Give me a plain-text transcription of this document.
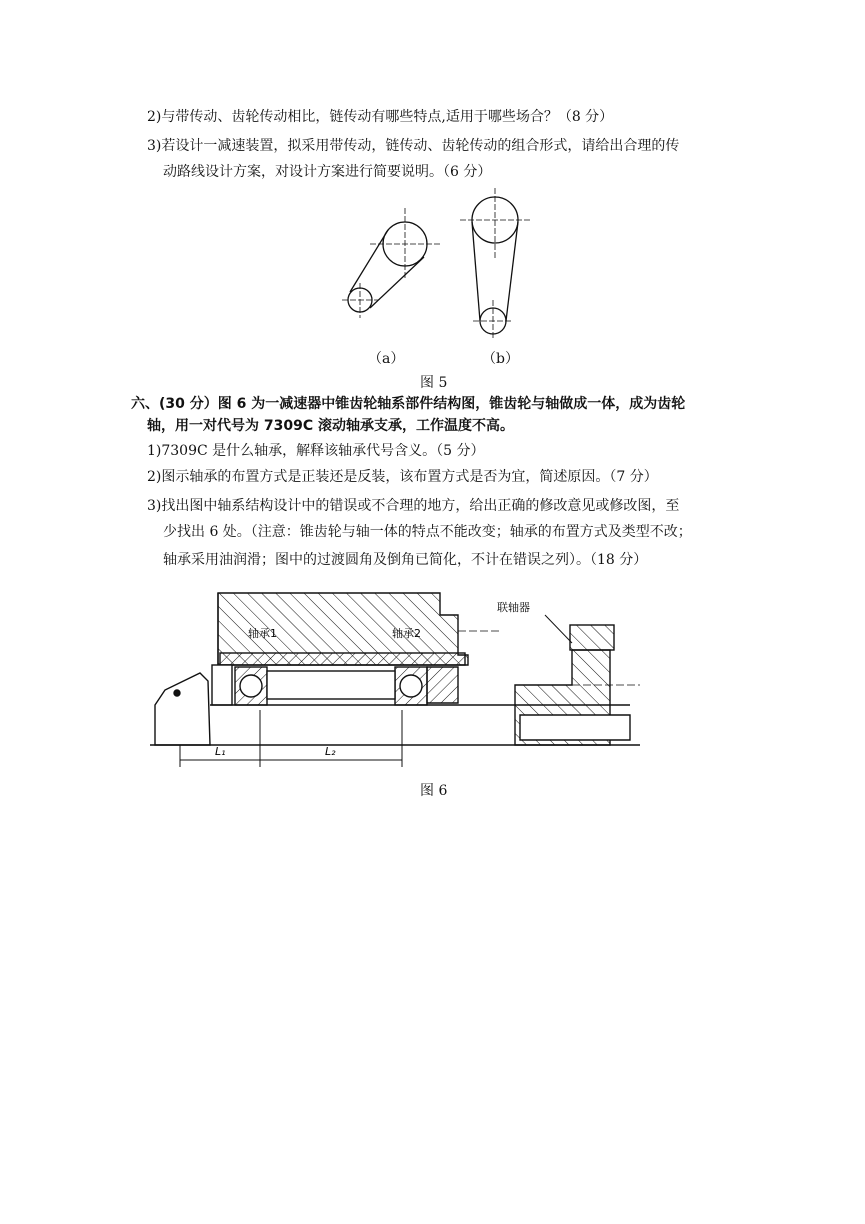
2)与带传动、齿轮传动相比，链传动有哪些特点,适用于哪些场合？（8 分）
3)若设计一减速装置，拟采用带传动，链传动、齿轮传动的组合形式，请给出合理的传
动路线设计方案，对设计方案进行简要说明。（6 分）
（a）	（b）
图 5
六、(30 分）图 6 为一减速器中锥齿轮轴系部件结构图，锥齿轮与轴做成一体，成为齿轮
轴，用一对代号为 7309C 滚动轴承支承，工作温度不高。
1)7309C 是什么轴承，解释该轴承代号含义。（5 分）
2)图示轴承的布置方式是正装还是反装，该布置方式是否为宜，简述原因。（7 分）
3)找出图中轴系结构设计中的错误或不合理的地方，给出正确的修改意见或修改图，至
少找出 6 处。（注意：锥齿轮与轴一体的特点不能改变；轴承的布置方式及类型不改；
轴承采用油润滑；图中的过渡圆角及倒角已简化，不计在错误之列）。（18 分）
轴承1	轴承2
联轴器
L₁	L₂
图 6
